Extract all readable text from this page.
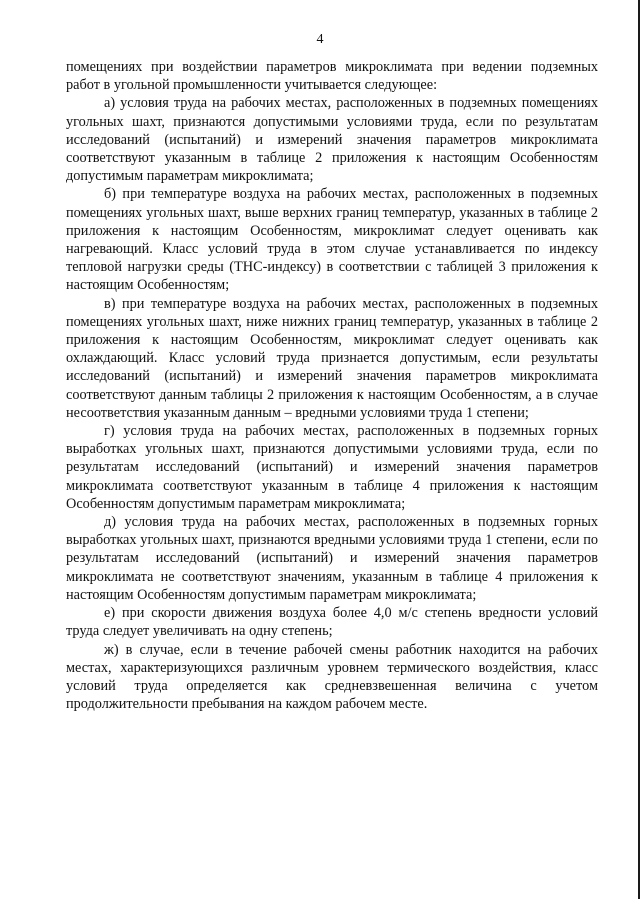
4

помещениях при воздействии параметров микроклимата при ведении подземных работ в угольной промышленности учитывается следующее:

а) условия труда на рабочих местах, расположенных в подземных помещениях угольных шахт, признаются допустимыми условиями труда, если по результатам исследований (испытаний) и измерений значения параметров микроклимата соответствуют указанным в таблице 2 приложения к настоящим Особенностям допустимым параметрам микроклимата;

б) при температуре воздуха на рабочих местах, расположенных в подземных помещениях угольных шахт, выше верхних границ температур, указанных в таблице 2 приложения к настоящим Особенностям, микроклимат следует оценивать как нагревающий. Класс условий труда в этом случае устанавливается по индексу тепловой нагрузки среды (ТНС-индексу) в соответствии с таблицей 3 приложения к настоящим Особенностям;

в) при температуре воздуха на рабочих местах, расположенных в подземных помещениях угольных шахт, ниже нижних границ температур, указанных в таблице 2 приложения к настоящим Особенностям, микроклимат следует оценивать как охлаждающий. Класс условий труда признается допустимым, если результаты исследований (испытаний) и измерений значения параметров микроклимата соответствуют данным таблицы 2 приложения к настоящим Особенностям, а в случае несоответствия указанным данным – вредными условиями труда 1 степени;

г) условия труда на рабочих местах, расположенных в подземных горных выработках угольных шахт, признаются допустимыми условиями труда, если по результатам исследований (испытаний) и измерений значения параметров микроклимата соответствуют указанным в таблице 4 приложения к настоящим Особенностям допустимым параметрам микроклимата;

д) условия труда на рабочих местах, расположенных в подземных горных выработках угольных шахт, признаются вредными условиями труда 1 степени, если по результатам исследований (испытаний) и измерений значения параметров микроклимата не соответствуют значениям, указанным в таблице 4 приложения к настоящим Особенностям допустимым параметрам микроклимата;

е) при скорости движения воздуха более 4,0 м/с степень вредности условий труда следует увеличивать на одну степень;

ж) в случае, если в течение рабочей смены работник находится на рабочих местах, характеризующихся различным уровнем термического воздействия, класс условий труда определяется как средневзвешенная величина с учетом продолжительности пребывания на каждом рабочем месте.
